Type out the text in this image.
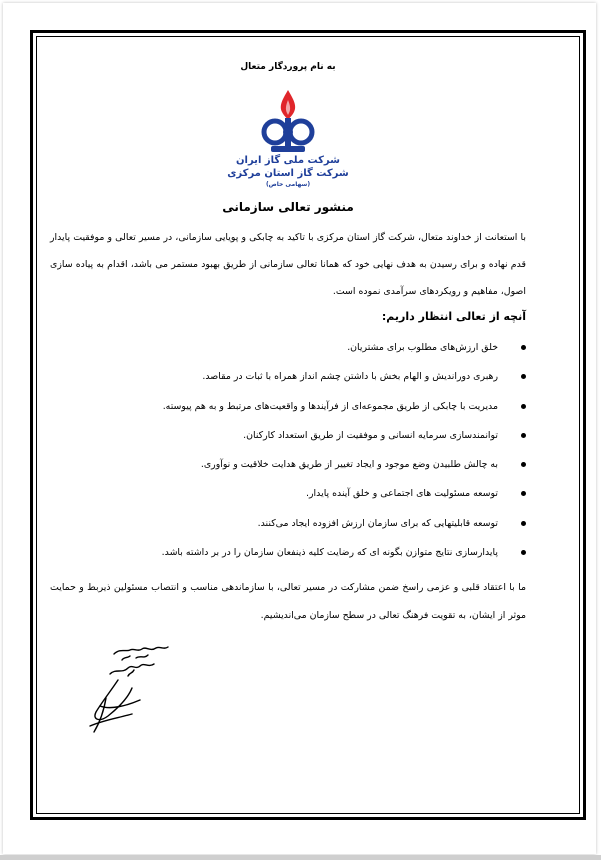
به نام پروردگار متعال
شرکت ملی گاز ایران
شرکت گاز استان مرکزی
(سهامی خاص)
منشور تعالی سازمانی
با استعانت از خداوند متعال، شرکت گاز استان مرکزی با تاکید به چابکی و پویایی سازمانی، در مسیر تعالی و موفقیت پایدار قدم نهاده و برای رسیدن به هدف نهایی خود که همانا تعالی سازمانی از طریق بهبود مستمر می باشد، اقدام به پیاده سازی اصول، مفاهیم و رویکردهای سرآمدی نموده است.
آنچه از تعالی انتظار داریم:
خلق ارزش‌های مطلوب برای مشتریان.
رهبری دوراندیش و الهام بخش با داشتن چشم انداز همراه با ثبات در مقاصد.
مدیریت با چابکی از طریق مجموعه‌ای از فرآیندها و واقعیت‌های مرتبط و به هم پیوسته.
توانمندسازی سرمایه انسانی و موفقیت از طریق استعداد کارکنان.
به چالش طلبیدن وضع موجود و ایجاد تغییر از طریق هدایت خلاقیت و نوآوری.
توسعه مسئولیت های اجتماعی و خلق آینده پایدار.
توسعه قابلیتهایی که برای سازمان ارزش افزوده ایجاد می‌کنند.
پایدارسازی نتایج متوازن بگونه ای که رضایت کلیه ذینفعان سازمان را در بر داشته باشد.
ما با اعتقاد قلبی و عزمی راسخ ضمن مشارکت در مسیر تعالی، با سازماندهی مناسب و انتصاب مسئولین ذیربط و حمایت موثر از ایشان، به تقویت فرهنگ تعالی در سطح سازمان می‌اندیشیم.
